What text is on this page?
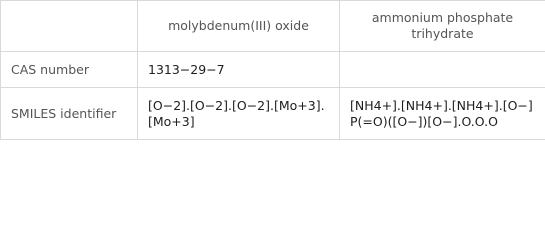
	molybdenum(III) oxide	ammonium phosphate trihydrate
CAS number	1313−29−7	
SMILES identifier	[O−2].[O−2].[O−2].[Mo+3].[Mo+3]	[NH4+].[NH4+].[NH4+].[O−]P(=O)([O−])[O−].O.O.O
